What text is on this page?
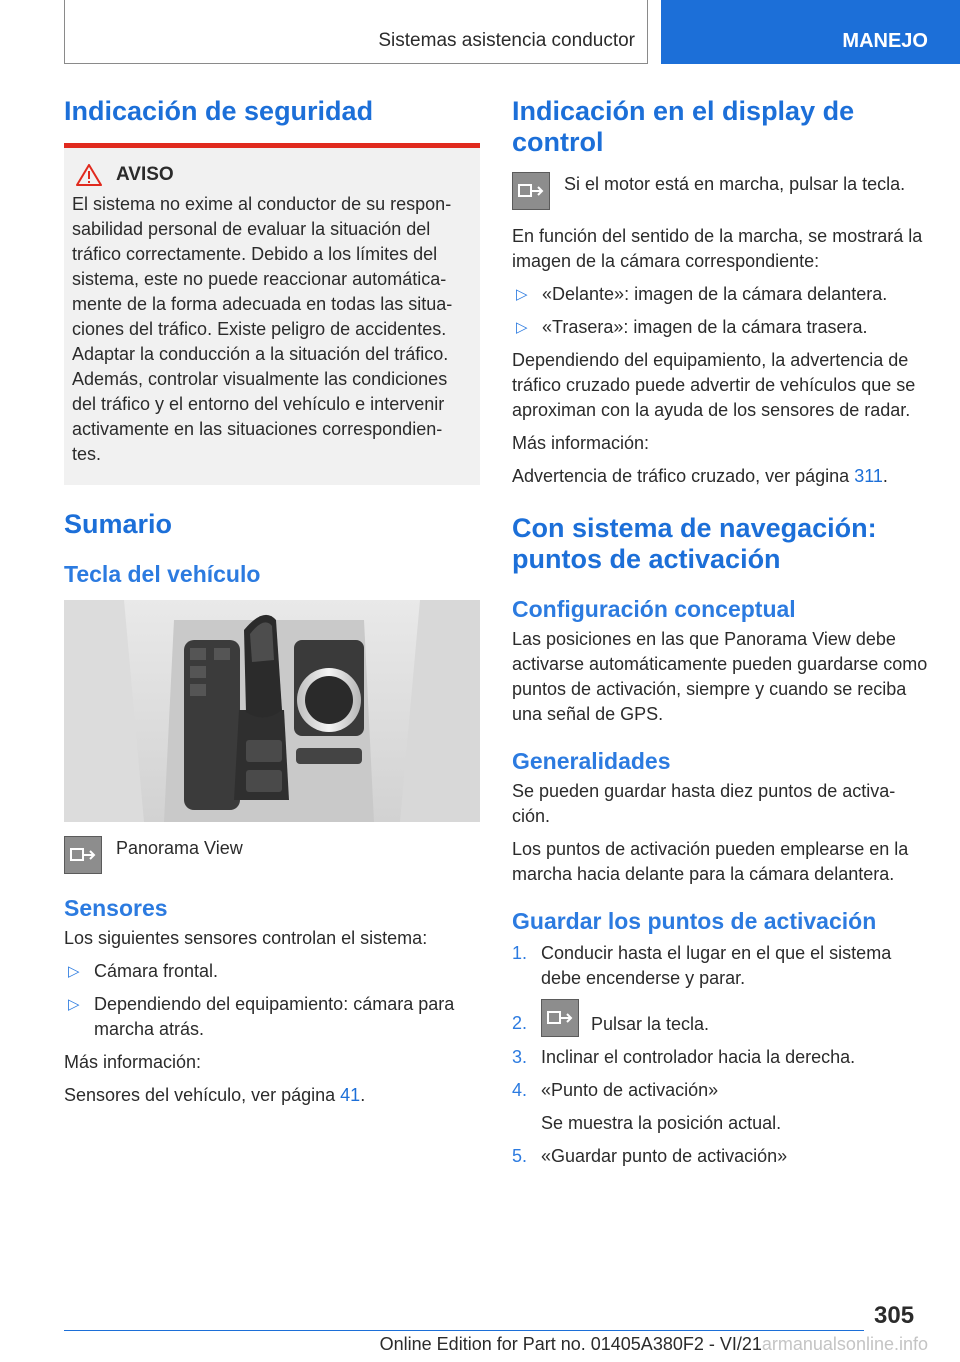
Sistemas asistencia conductor	MANEJO
Indicación de seguridad
AVISO

El sistema no exime al conductor de su respon-
sabilidad personal de evaluar la situación del
tráfico correctamente. Debido a los límites del
sistema, este no puede reaccionar automática-
mente de la forma adecuada en todas las situa-
ciones del tráfico. Existe peligro de accidentes.
Adaptar la conducción a la situación del tráfico.
Además, controlar visualmente las condiciones
del tráfico y el entorno del vehículo e intervenir
activamente en las situaciones correspondien-
tes.

Sumario
Tecla del vehículo
Panorama View
Sensores

Los siguientes sensores controlan el sistema:

▷ Cámara frontal.
▷ Dependiendo del equipamiento: cámara para marcha atrás.

Más información:

Sensores del vehículo, ver página 41.

Indicación en el display de control
Si el motor está en marcha, pulsar la tecla.

En función del sentido de la marcha, se mostrará la imagen de la cámara correspondiente:

▷ «Delante»: imagen de la cámara delantera.
▷ «Trasera»: imagen de la cámara trasera.

Dependiendo del equipamiento, la advertencia de tráfico cruzado puede advertir de vehículos que se aproximan con la ayuda de los sensores de radar.

Más información:

Advertencia de tráfico cruzado, ver página 311.

Con sistema de navegación: puntos de activación
Configuración conceptual

Las posiciones en las que Panorama View debe activarse automáticamente pueden guardarse como puntos de activación, siempre y cuando se reciba una señal de GPS.

Generalidades

Se pueden guardar hasta diez puntos de activa-ción.

Los puntos de activación pueden emplearse en la marcha hacia delante para la cámara delantera.

Guardar los puntos de activación
1. Conducir hasta el lugar en el que el sistema debe encenderse y parar.
2.	Pulsar la tecla.
3. Inclinar el controlador hacia la derecha.
4. «Punto de activación»
Se muestra la posición actual.
5. «Guardar punto de activación»
305
Online Edition for Part no. 01405A380F2 - VI/21armanualsonline.info
